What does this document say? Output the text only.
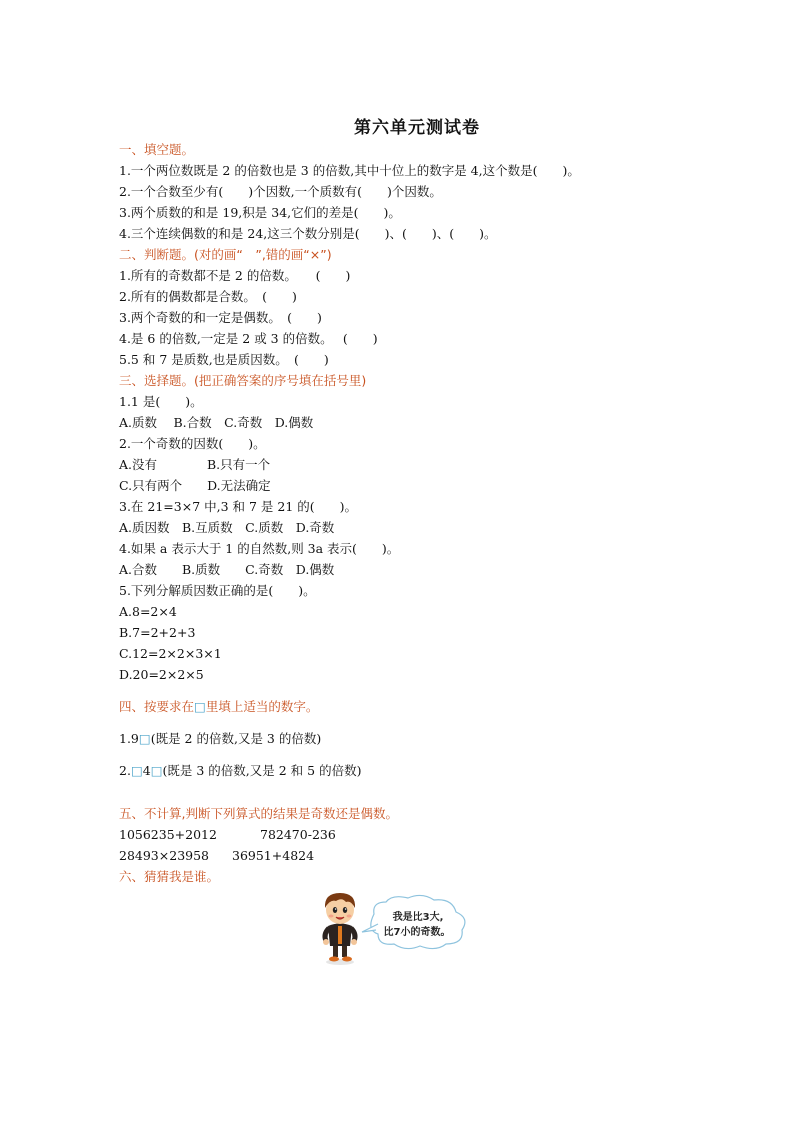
第六单元测试卷
一、填空题。
1.一个两位数既是 2 的倍数也是 3 的倍数,其中十位上的数字是 4,这个数是(　　)。
2.一个合数至少有(　　)个因数,一个质数有(　　)个因数。
3.两个质数的和是 19,积是 34,它们的差是(　　)。
4.三个连续偶数的和是 24,这三个数分别是(　　)、(　　)、(　　)。
二、判断题。(对的画“　”,错的画“×”)
1.所有的奇数都不是 2 的倍数。　　(　　)
2.所有的偶数都是合数。　(　　)
3.两个奇数的和一定是偶数。　(　　)
4.是 6 的倍数,一定是 2 或 3 的倍数。　 (　　)
5.5 和 7 是质数,也是质因数。　(　　)
三、选择题。(把正确答案的序号填在括号里)
1.1 是(　　)。
A.质数　 B.合数　C.奇数　D.偶数
2.一个奇数的因数(　　)。
A.没有　　　　B.只有一个
C.只有两个　　D.无法确定
3.在 21=3×7 中,3 和 7 是 21 的(　　)。
A.质因数　B.互质数　C.质数　D.奇数
4.如果 a 表示大于 1 的自然数,则 3a 表示(　　)。
A.合数　　B.质数　　C.奇数　D.偶数
5.下列分解质因数正确的是(　　)。
A.8=2×4
B.7=2+2+3
C.12=2×2×3×1
D.20=2×2×5
四、按要求在□里填上适当的数字。
1.9□(既是 2 的倍数,又是 3 的倍数)
2.□4□(既是 3 的倍数,又是 2 和 5 的倍数)
五、不计算,判断下列算式的结果是奇数还是偶数。
1056235+2012	782470-236
28493×23958 36951+4824
六、猜猜我是谁。
我是比3大,
比7小的奇数。
